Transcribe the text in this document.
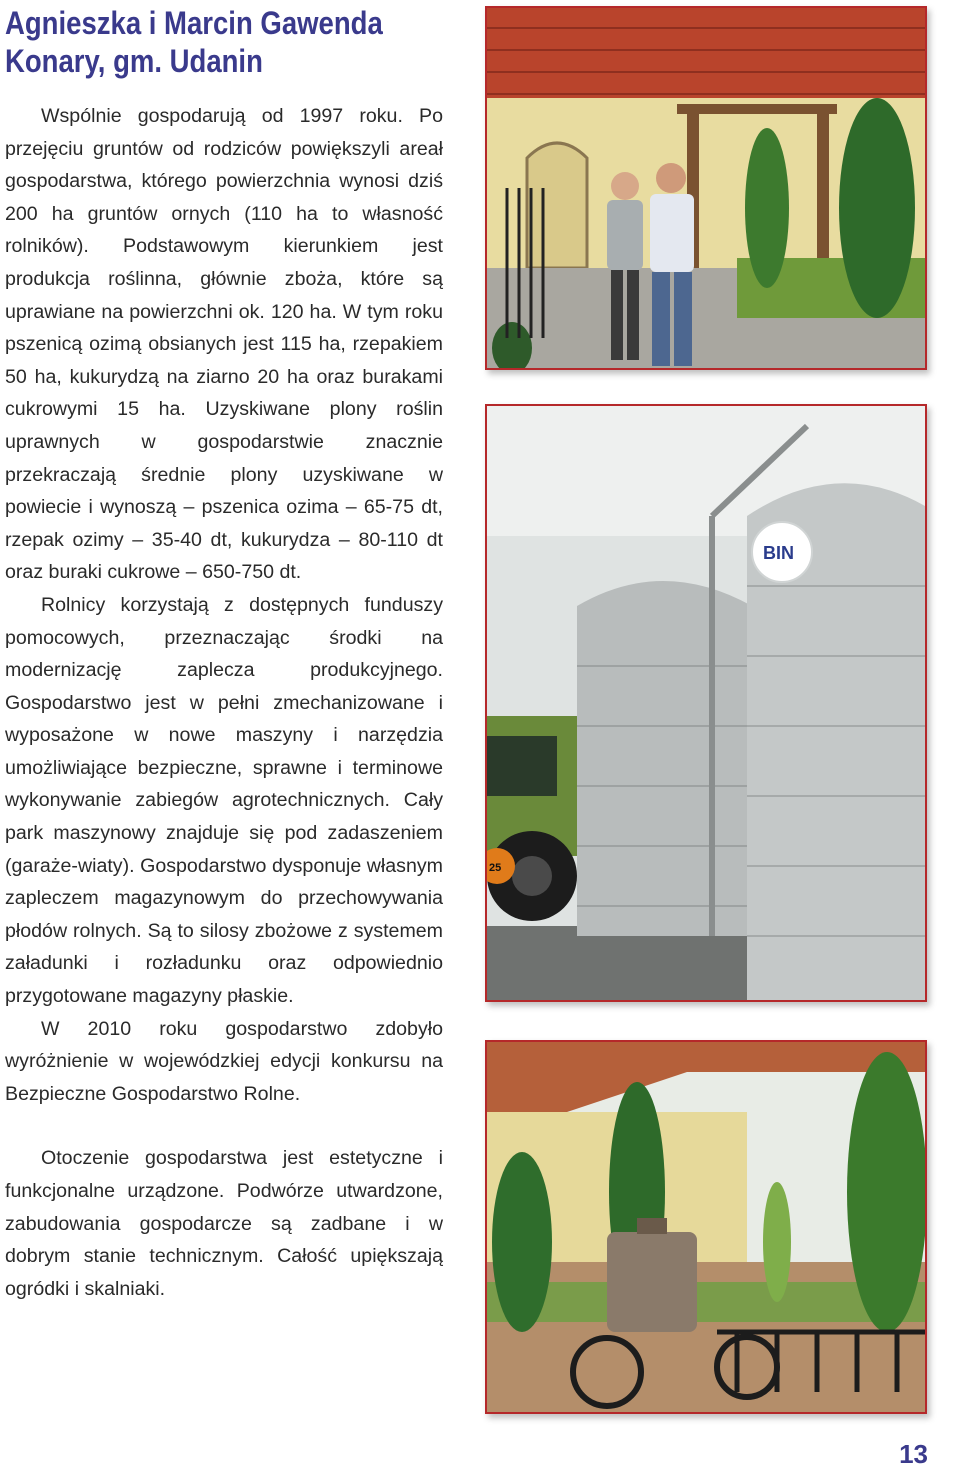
Agnieszka i Marcin Gawenda
Konary, gm. Udanin

Wspólnie gospodarują od 1997 roku. Po przejęciu gruntów od rodziców powiększyli areał gospodarstwa, którego powierzchnia wynosi dziś 200 ha gruntów ornych (110 ha to własność rolników). Podstawowym kierunkiem jest produkcja roślinna, głównie zboża, które są uprawiane na powierzchni ok. 120 ha. W tym roku pszenicą ozimą obsianych jest 115 ha, rzepakiem 50 ha, kukurydzą na ziarno 20 ha oraz burakami cukrowymi 15 ha. Uzyskiwane plony roślin uprawnych w gospodarstwie znacznie przekraczają średnie plony uzyskiwane w powiecie i wynoszą – pszenica ozima – 65-75 dt, rzepak ozimy – 35-40 dt, kukurydza – 80-110 dt oraz buraki cukrowe – 650-750 dt.

Rolnicy korzystają z dostępnych funduszy pomocowych, przeznaczając środki na modernizację zaplecza produkcyjnego. Gospodarstwo jest w pełni zmechanizowane i wyposażone w nowe maszyny i narzędzia umożliwiające bezpieczne, sprawne i terminowe wykonywanie zabiegów agrotechnicznych. Cały park maszynowy znajduje się pod zadaszeniem (garaże-wiaty). Gospodarstwo dysponuje własnym zapleczem magazynowym do przechowywania płodów rolnych. Są to silosy zbożowe z systemem załadunki i rozładunku oraz odpowiednio przygotowane magazyny płaskie.

W 2010 roku gospodarstwo zdobyło wyróżnienie w wojewódzkiej edycji konkursu na Bezpieczne Gospodarstwo Rolne.

Otoczenie gospodarstwa jest estetyczne i funkcjonalne urządzone. Podwórze utwardzone, zabudowania gospodarcze są zadbane i w dobrym stanie technicznym. Całość upiększają ogródki i skalniaki.

25
BIN
13
